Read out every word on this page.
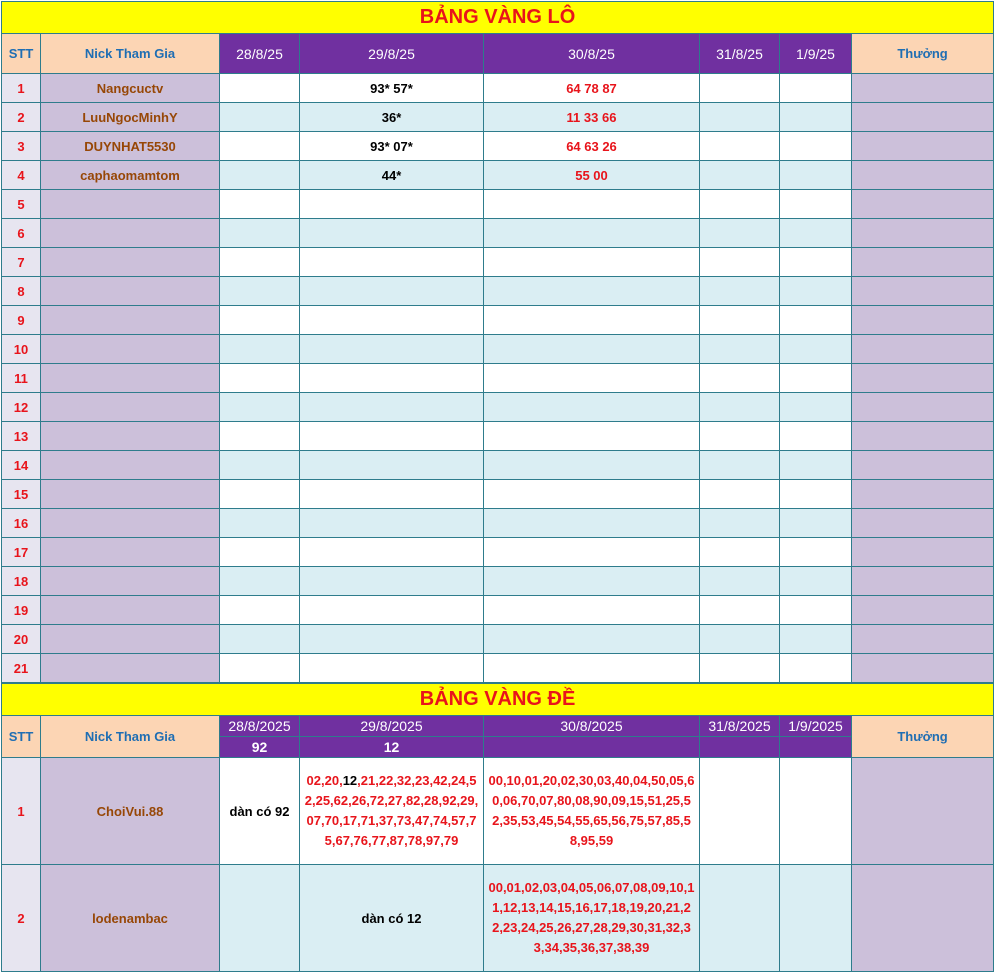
BẢNG VÀNG LÔ							
STT	Nick Tham Gia	28/8/25	29/8/25	30/8/25	31/8/25	1/9/25	Thưởng
1	Nangcuctv		93* 57*	64 78 87			
2	LuuNgocMinhY		36*	11 33 66			
3	DUYNHAT5530		93* 07*	64 63 26			
4	caphaomamtom		44*	55 00			
5							
6							
7							
8							
9							
10							
11							
12							
13							
14							
15							
16							
17							
18							
19							
20							
21							
BẢNG VÀNG ĐỀ							
STT	Nick Tham Gia	28/8/2025	29/8/2025	30/8/2025	31/8/2025	1/9/2025	Thưởng
		92	12				
1	ChoiVui.88	dàn có 92	02,20,12,21,22,32,23,42,24,52,25,62,26,72,27,82,28,92,29,07,70,17,71,37,73,47,74,57,75,67,76,77,87,78,97,79	00,10,01,20,02,30,03,40,04,50,05,60,06,70,07,80,08,90,09,15,51,25,52,35,53,45,54,55,65,56,75,57,85,58,95,59			
2	lodenambac		dàn có 12	00,01,02,03,04,05,06,07,08,09,10,11,12,13,14,15,16,17,18,19,20,21,22,23,24,25,26,27,28,29,30,31,32,33,34,35,36,37,38,39			
